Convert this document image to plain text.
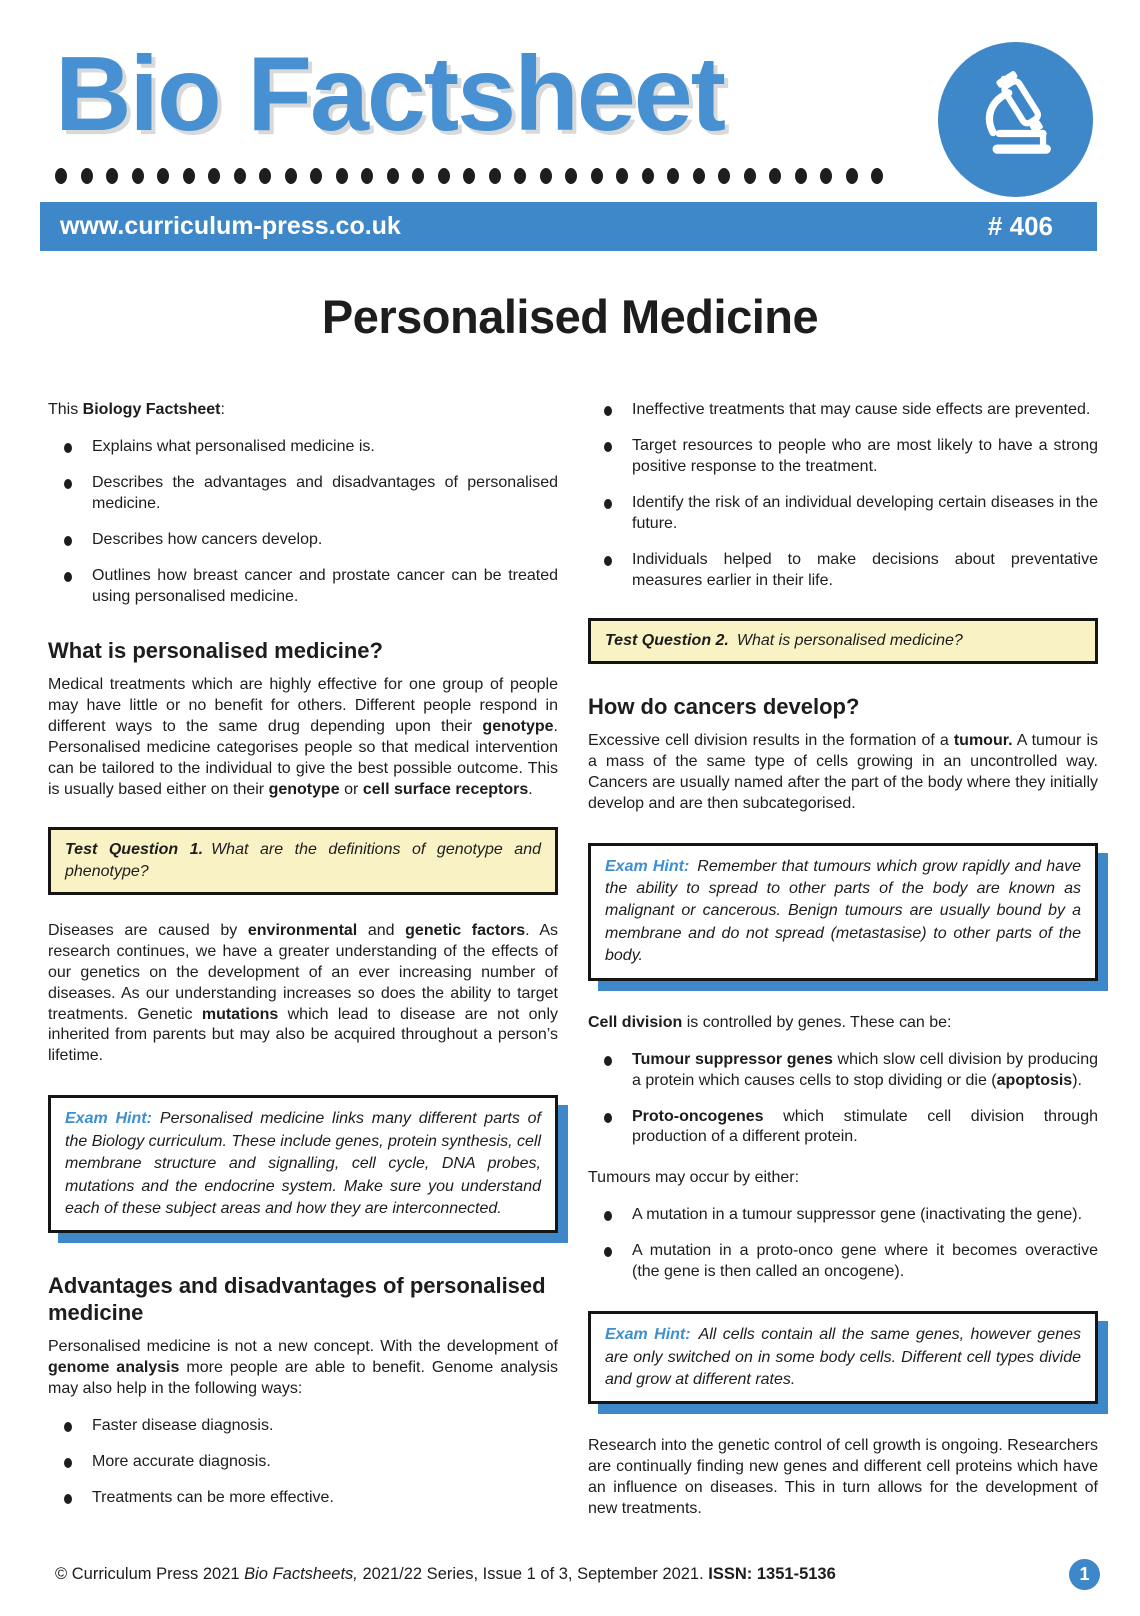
Bio Factsheet
www.curriculum-press.co.uk	# 406
Personalised Medicine

This Biology Factsheet:

Explains what personalised medicine is.
Describes the advantages and disadvantages of personalised medicine.
Describes how cancers develop.
Outlines how breast cancer and prostate cancer can be treated using personalised medicine.
What is personalised medicine?

Medical treatments which are highly effective for one group of people may have little or no benefit for others. Different people respond in different ways to the same drug depending upon their genotype. Personalised medicine categorises people so that medical intervention can be tailored to the individual to give the best possible outcome. This is usually based either on their genotype or cell surface receptors.

Test Question 1. What are the definitions of genotype and phenotype?

Diseases are caused by environmental and genetic factors. As research continues, we have a greater understanding of the effects of our genetics on the development of an ever increasing number of diseases. As our understanding increases so does the ability to target treatments. Genetic mutations which lead to disease are not only inherited from parents but may also be acquired throughout a person’s lifetime.

Exam Hint: Personalised medicine links many different parts of the Biology curriculum. These include genes, protein synthesis, cell membrane structure and signalling, cell cycle, DNA probes, mutations and the endocrine system. Make sure you understand each of these subject areas and how they are interconnected.
Advantages and disadvantages of personalised medicine

Personalised medicine is not a new concept. With the development of genome analysis more people are able to benefit. Genome analysis may also help in the following ways:

Faster disease diagnosis.
More accurate diagnosis.
Treatments can be more effective.
Ineffective treatments that may cause side effects are prevented.
Target resources to people who are most likely to have a strong positive response to the treatment.
Identify the risk of an individual developing certain diseases in the future.
Individuals helped to make decisions about preventative measures earlier in their life.
Test Question 2. What is personalised medicine?
How do cancers develop?

Excessive cell division results in the formation of a tumour. A tumour is a mass of the same type of cells growing in an uncontrolled way. Cancers are usually named after the part of the body where they initially develop and are then subcategorised.

Exam Hint: Remember that tumours which grow rapidly and have the ability to spread to other parts of the body are known as malignant or cancerous. Benign tumours are usually bound by a membrane and do not spread (metastasise) to other parts of the body.

Cell division is controlled by genes. These can be:

Tumour suppressor genes which slow cell division by producing a protein which causes cells to stop dividing or die (apoptosis).
Proto-oncogenes which stimulate cell division through production of a different protein.

Tumours may occur by either:

A mutation in a tumour suppressor gene (inactivating the gene).
A mutation in a proto-onco gene where it becomes overactive (the gene is then called an oncogene).
Exam Hint: All cells contain all the same genes, however genes are only switched on in some body cells. Different cell types divide and grow at different rates.

Research into the genetic control of cell growth is ongoing. Researchers are continually finding new genes and different cell proteins which have an influence on diseases. This in turn allows for the development of new treatments.

© Curriculum Press 2021 Bio Factsheets, 2021/22 Series, Issue 1 of 3, September 2021. ISSN: 1351-5136	1
